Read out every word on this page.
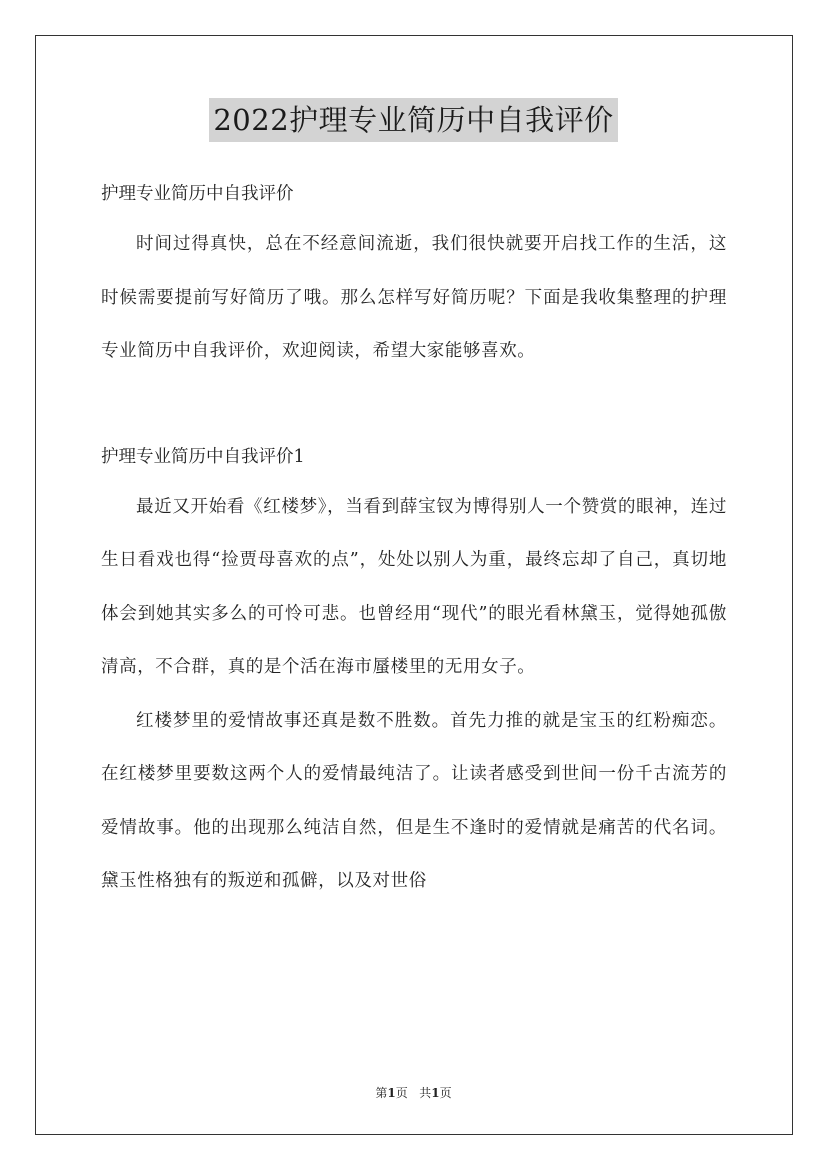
2022护理专业简历中自我评价

护理专业简历中自我评价

时间过得真快，总在不经意间流逝，我们很快就要开启找工作的生活，这时候需要提前写好简历了哦。那么怎样写好简历呢？下面是我收集整理的护理专业简历中自我评价，欢迎阅读，希望大家能够喜欢。

护理专业简历中自我评价1

最近又开始看《红楼梦》，当看到薛宝钗为博得别人一个赞赏的眼神，连过生日看戏也得“捡贾母喜欢的点”，处处以别人为重，最终忘却了自己，真切地体会到她其实多么的可怜可悲。也曾经用“现代”的眼光看林黛玉，觉得她孤傲清高，不合群，真的是个活在海市蜃楼里的无用女子。

红楼梦里的爱情故事还真是数不胜数。首先力推的就是宝玉的红粉痴恋。在红楼梦里要数这两个人的爱情最纯洁了。让读者感受到世间一份千古流芳的爱情故事。他的出现那么纯洁自然，但是生不逢时的爱情就是痛苦的代名词。黛玉性格独有的叛逆和孤僻，以及对世俗

第1页 共1页
